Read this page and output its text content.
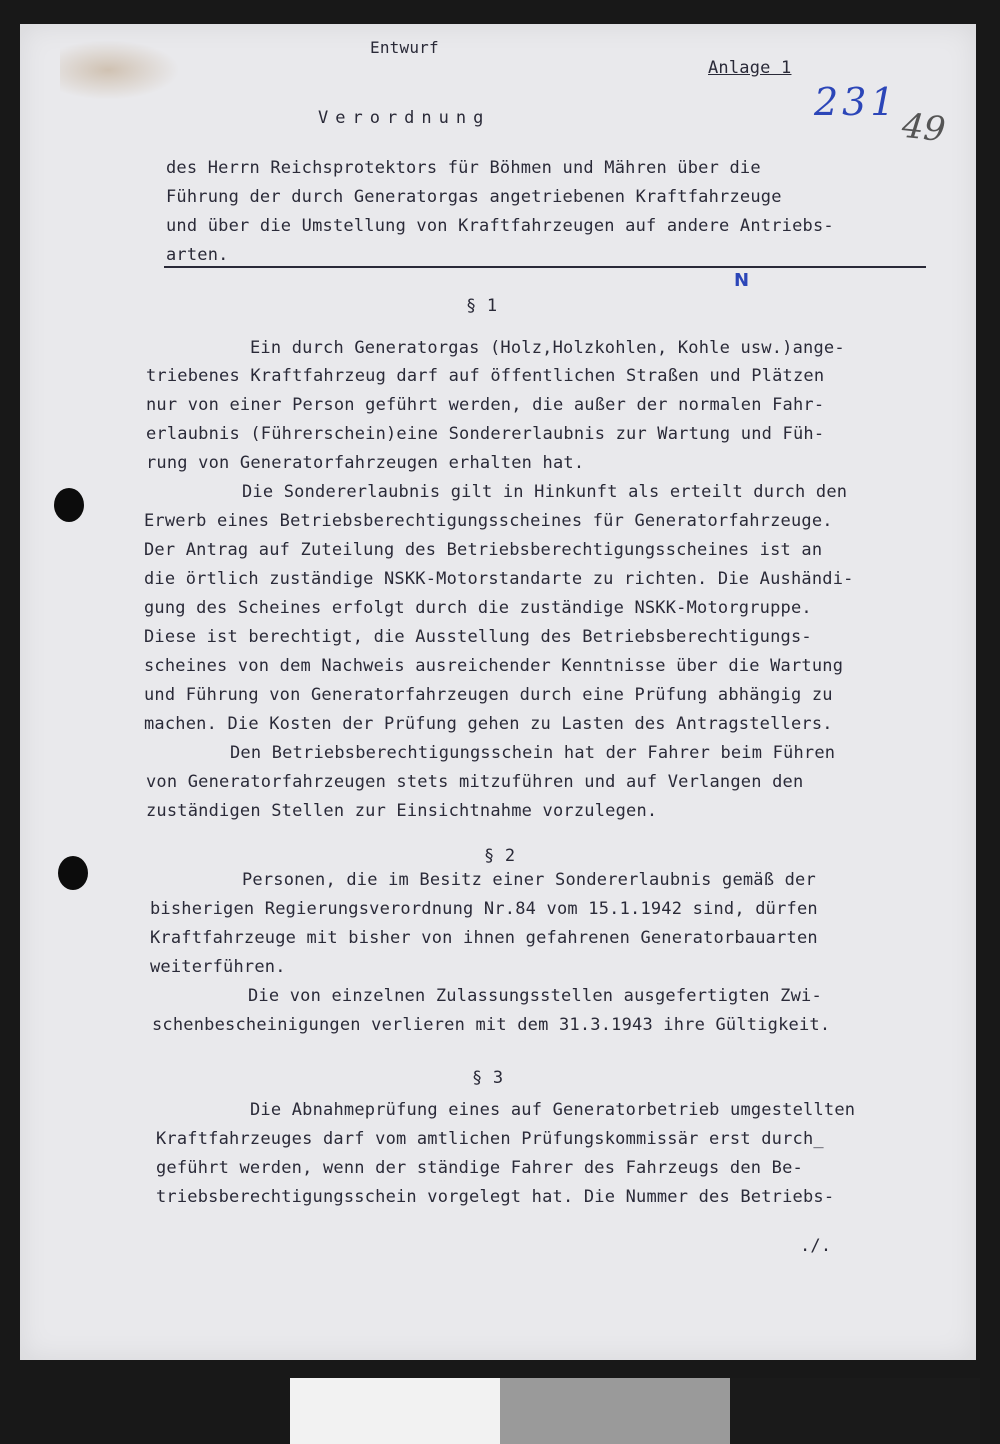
Entwurf
Anlage 1
231
49
Verordnung
des Herrn Reichsprotektors für Böhmen und Mähren über die
Führung der durch Generatorgas angetriebenen Kraftfahrzeuge
und über die Umstellung von Kraftfahrzeugen auf andere Antriebs-
arten.
N
§ 1
Ein durch Generatorgas (Holz,Holzkohlen, Kohle usw.)ange-
triebenes Kraftfahrzeug darf auf öffentlichen Straßen und Plätzen
nur von einer Person geführt werden, die außer der normalen Fahr-
erlaubnis (Führerschein)eine Sondererlaubnis zur Wartung und Füh-
rung von Generatorfahrzeugen erhalten hat.
Die Sondererlaubnis gilt in Hinkunft als erteilt durch den
Erwerb eines Betriebsberechtigungsscheines für Generatorfahrzeuge.
Der Antrag auf Zuteilung des Betriebsberechtigungsscheines ist an
die örtlich zuständige NSKK-Motorstandarte zu richten. Die Aushändi-
gung des Scheines erfolgt durch die zuständige NSKK-Motorgruppe.
Diese ist berechtigt, die Ausstellung des Betriebsberechtigungs-
scheines von dem Nachweis ausreichender Kenntnisse über die Wartung
und Führung von Generatorfahrzeugen durch eine Prüfung abhängig zu
machen. Die Kosten der Prüfung gehen zu Lasten des Antragstellers.
Den Betriebsberechtigungsschein hat der Fahrer beim Führen
von Generatorfahrzeugen stets mitzuführen und auf Verlangen den
zuständigen Stellen zur Einsichtnahme vorzulegen.
§ 2
Personen, die im Besitz einer Sondererlaubnis gemäß der
bisherigen Regierungsverordnung Nr.84 vom 15.1.1942 sind, dürfen
Kraftfahrzeuge mit bisher von ihnen gefahrenen Generatorbauarten
weiterführen.
Die von einzelnen Zulassungsstellen ausgefertigten Zwi-
schenbescheinigungen verlieren mit dem 31.3.1943 ihre Gültigkeit.
§ 3
Die Abnahmeprüfung eines auf Generatorbetrieb umgestellten
Kraftfahrzeuges darf vom amtlichen Prüfungskommissär erst durch_
geführt werden, wenn der ständige Fahrer des Fahrzeugs den Be-
triebsberechtigungsschein vorgelegt hat. Die Nummer des Betriebs-
./.
